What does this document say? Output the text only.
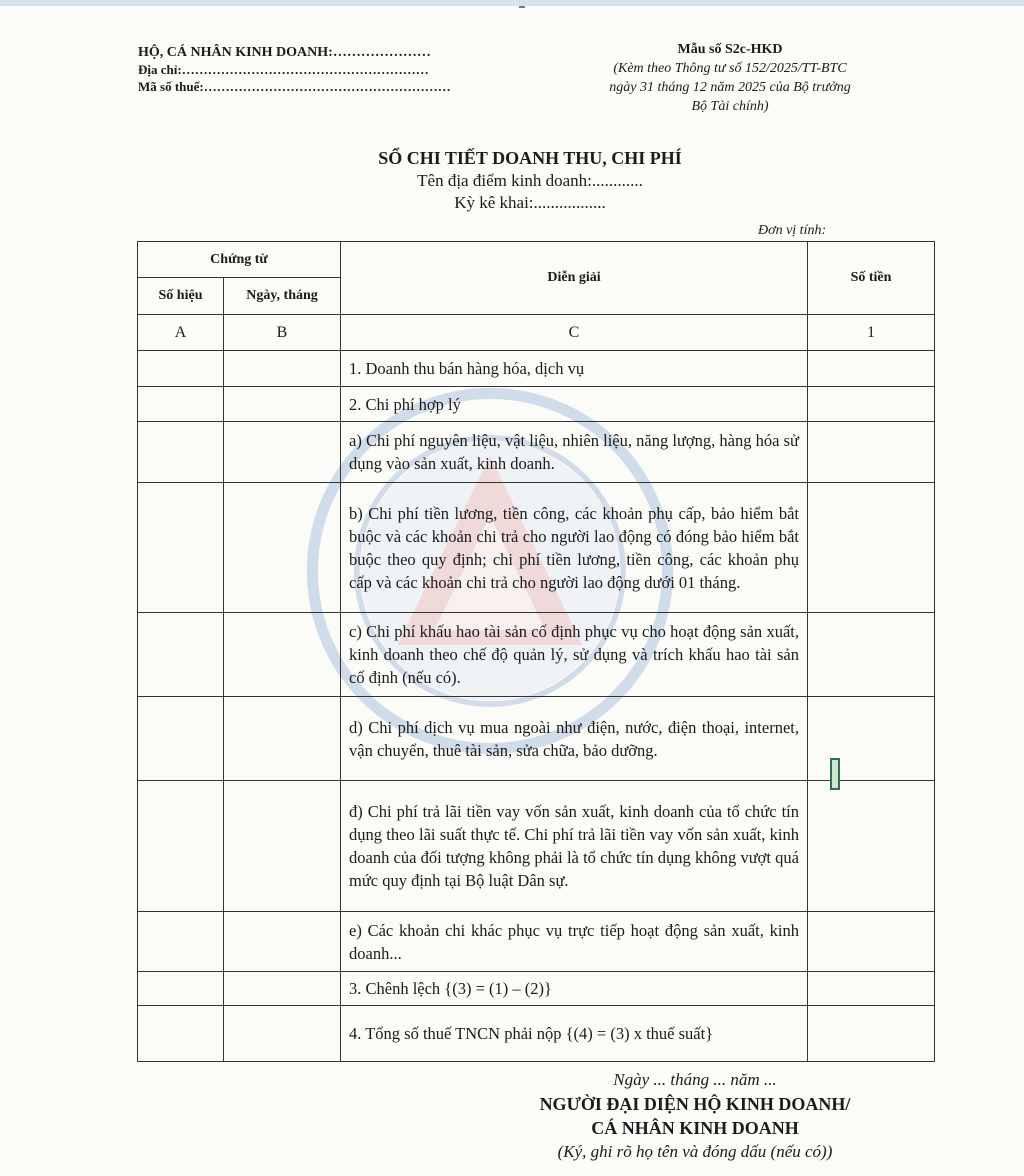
HỘ, CÁ NHÂN KINH DOANH:…………………
Địa chỉ:…………………………………………………
Mã số thuế:…………………………………………………
Mẫu số S2c-HKD
(Kèm theo Thông tư số 152/2025/TT-BTC
ngày 31 tháng 12 năm 2025 của Bộ trưởng
Bộ Tài chính)
SỔ CHI TIẾT DOANH THU, CHI PHÍ
Tên địa điểm kinh doanh:............
Kỳ kê khai:.................
Đơn vị tính:
Chứng từ		Diễn giải	Số tiền
Số hiệu	Ngày, tháng		
A	B	C	1
		1. Doanh thu bán hàng hóa, dịch vụ	
		2. Chi phí hợp lý	
		a) Chi phí nguyên liệu, vật liệu, nhiên liệu, năng lượng, hàng hóa sử dụng vào sản xuất, kinh doanh.	
		b) Chi phí tiền lương, tiền công, các khoản phụ cấp, bảo hiểm bắt buộc và các khoản chi trả cho người lao động có đóng bảo hiểm bắt buộc theo quy định; chi phí tiền lương, tiền công, các khoản phụ cấp và các khoản chi trả cho người lao động dưới 01 tháng.	
		c) Chi phí khấu hao tài sản cố định phục vụ cho hoạt động sản xuất, kinh doanh theo chế độ quản lý, sử dụng và trích khấu hao tài sản cố định (nếu có).	
		d) Chi phí dịch vụ mua ngoài như điện, nước, điện thoại, internet, vận chuyển, thuê tài sản, sửa chữa, bảo dưỡng.	
		đ) Chi phí trả lãi tiền vay vốn sản xuất, kinh doanh của tổ chức tín dụng theo lãi suất thực tế. Chi phí trả lãi tiền vay vốn sản xuất, kinh doanh của đối tượng không phải là tổ chức tín dụng không vượt quá mức quy định tại Bộ luật Dân sự.	
		e) Các khoản chi khác phục vụ trực tiếp hoạt động sản xuất, kinh doanh...	
		3. Chênh lệch {(3) = (1) – (2)}	
		4. Tổng số thuế TNCN phải nộp {(4) = (3) x thuế suất}	
Ngày ... tháng ... năm ...
NGƯỜI ĐẠI DIỆN HỘ KINH DOANH/
CÁ NHÂN KINH DOANH
(Ký, ghi rõ họ tên và đóng dấu (nếu có))
